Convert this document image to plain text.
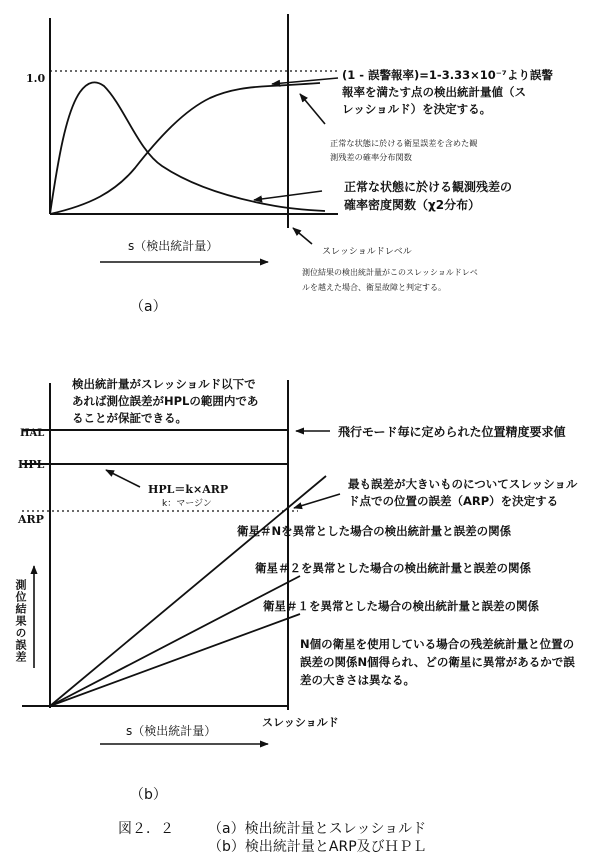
1.0	(1 - 誤警報率)=1-3.33×10⁻⁷より誤警
報率を満たす点の検出統計量値（ス
レッショルド）を決定する。
正常な状態に於ける衛星誤差を含めた観
測残差の確率分布関数
正常な状態に於ける観測残差の
確率密度関数（χ2分布）
スレッショルドレベル
測位結果の検出統計量がこのスレッショルドレベ
ルを越えた場合、衛星故障と判定する。
s（検出統計量）
（a）
検出統計量がスレッショルド以下で
あれば測位誤差がHPLの範囲内であ
ることが保証できる。
HAL
HPL
ARP
飛行モード毎に定められた位置精度要求値
HPL＝k×ARP
k：マージン
最も誤差が大きいものについてスレッショル
ド点での位置の誤差（ARP）を決定する
衛星＃Nを異常とした場合の検出統計量と誤差の関係
衛星＃２を異常とした場合の検出統計量と誤差の関係
衛星＃１を異常とした場合の検出統計量と誤差の関係
N個の衛星を使用している場合の残差統計量と位置の
誤差の関係N個得られ、どの衛星に異常があるかで誤
差の大きさは異なる。
測位結果の誤差
スレッショルド
s（検出統計量）
（b）
図２．２ （a）検出統計量とスレッショルド
（b）検出統計量とARP及びＨＰＬ
